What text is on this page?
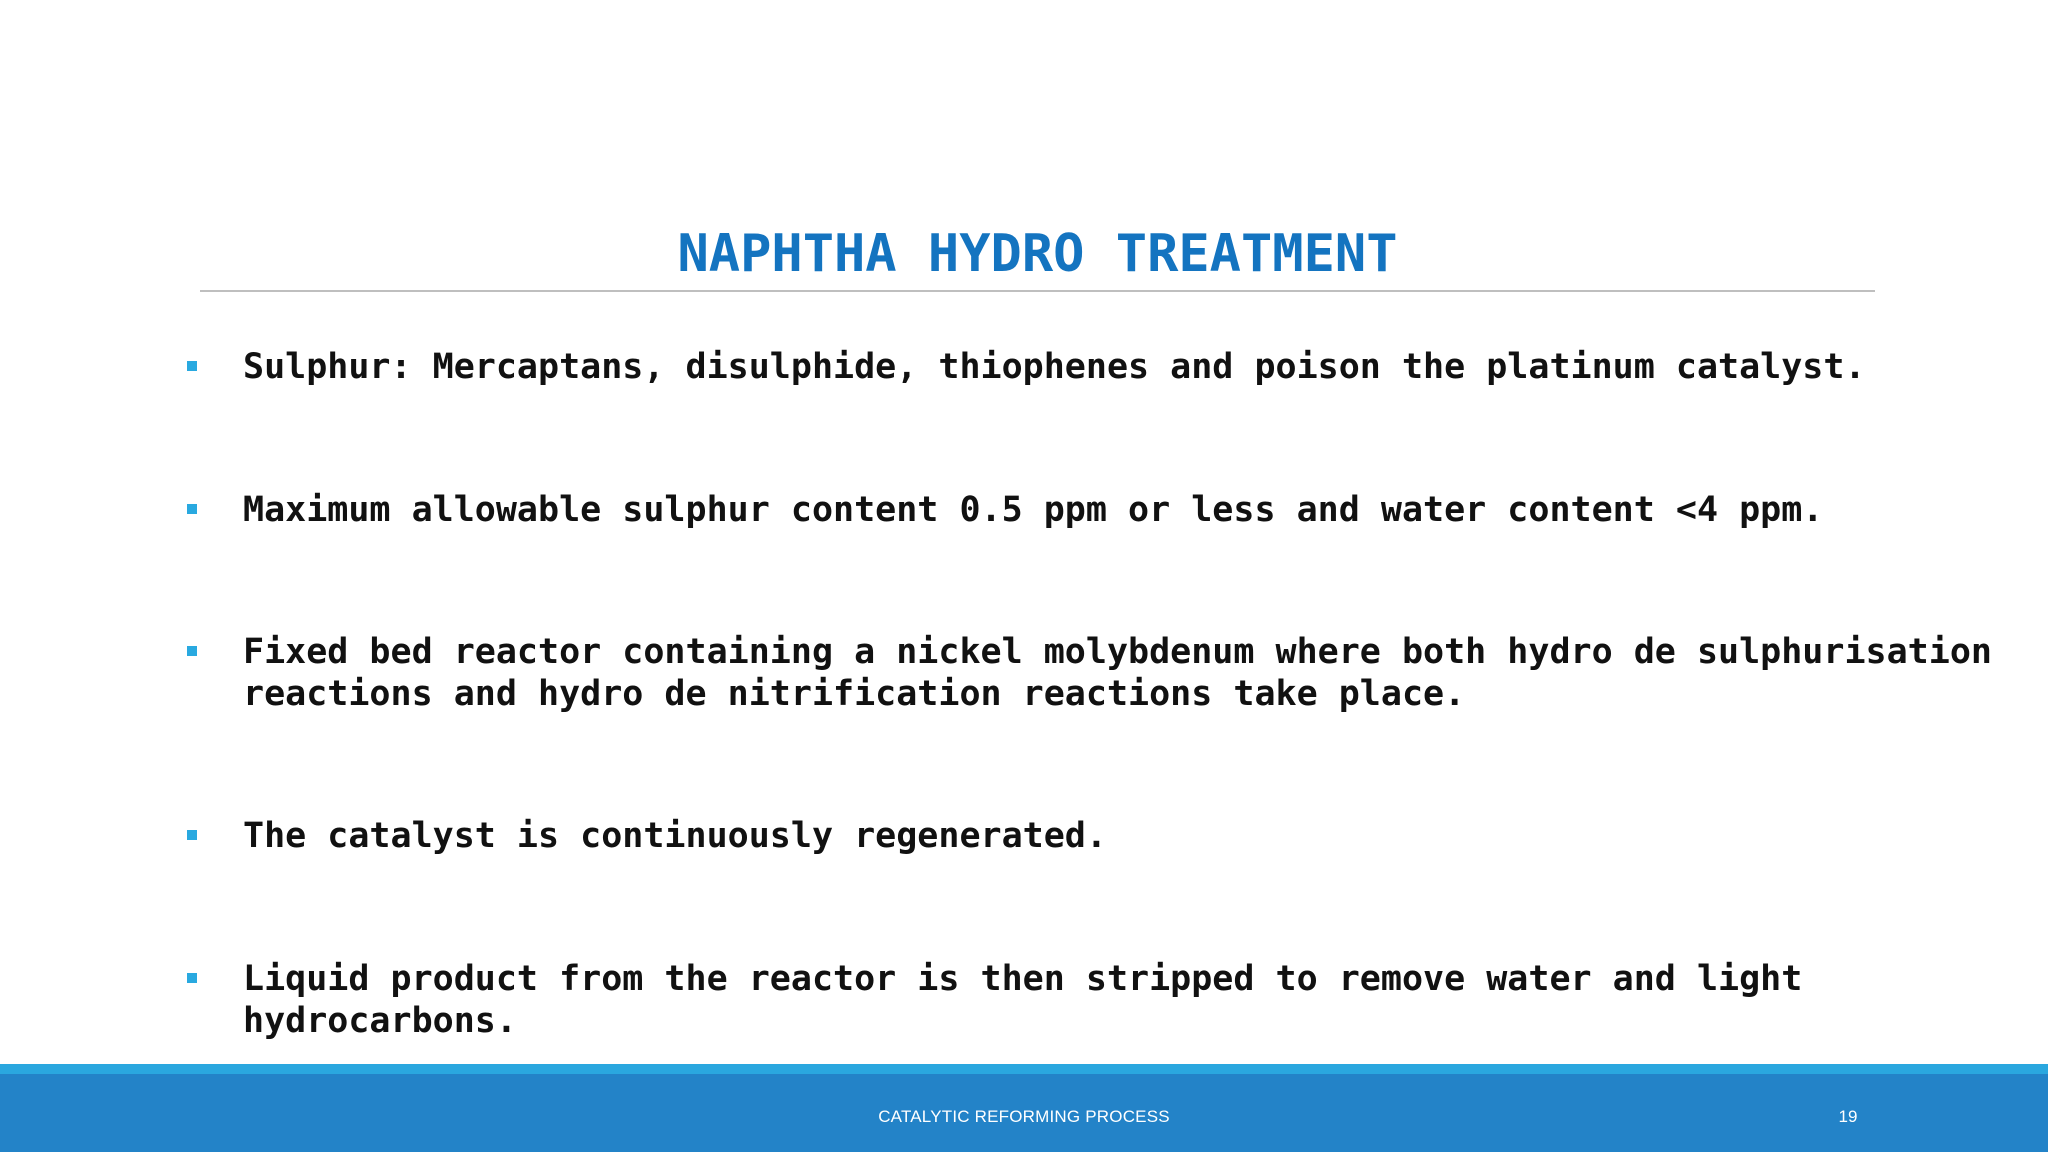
NAPHTHA HYDRO TREATMENT
Sulphur: Mercaptans, disulphide, thiophenes and poison the platinum catalyst.
Maximum allowable sulphur content 0.5 ppm or less and water content <4 ppm.
Fixed bed reactor containing a nickel molybdenum where both hydro de sulphurisation reactions and hydro de nitrification reactions take place.
The catalyst is continuously regenerated.
Liquid product from the reactor is then stripped to remove water and light hydrocarbons.
CATALYTIC REFORMING PROCESS	19
